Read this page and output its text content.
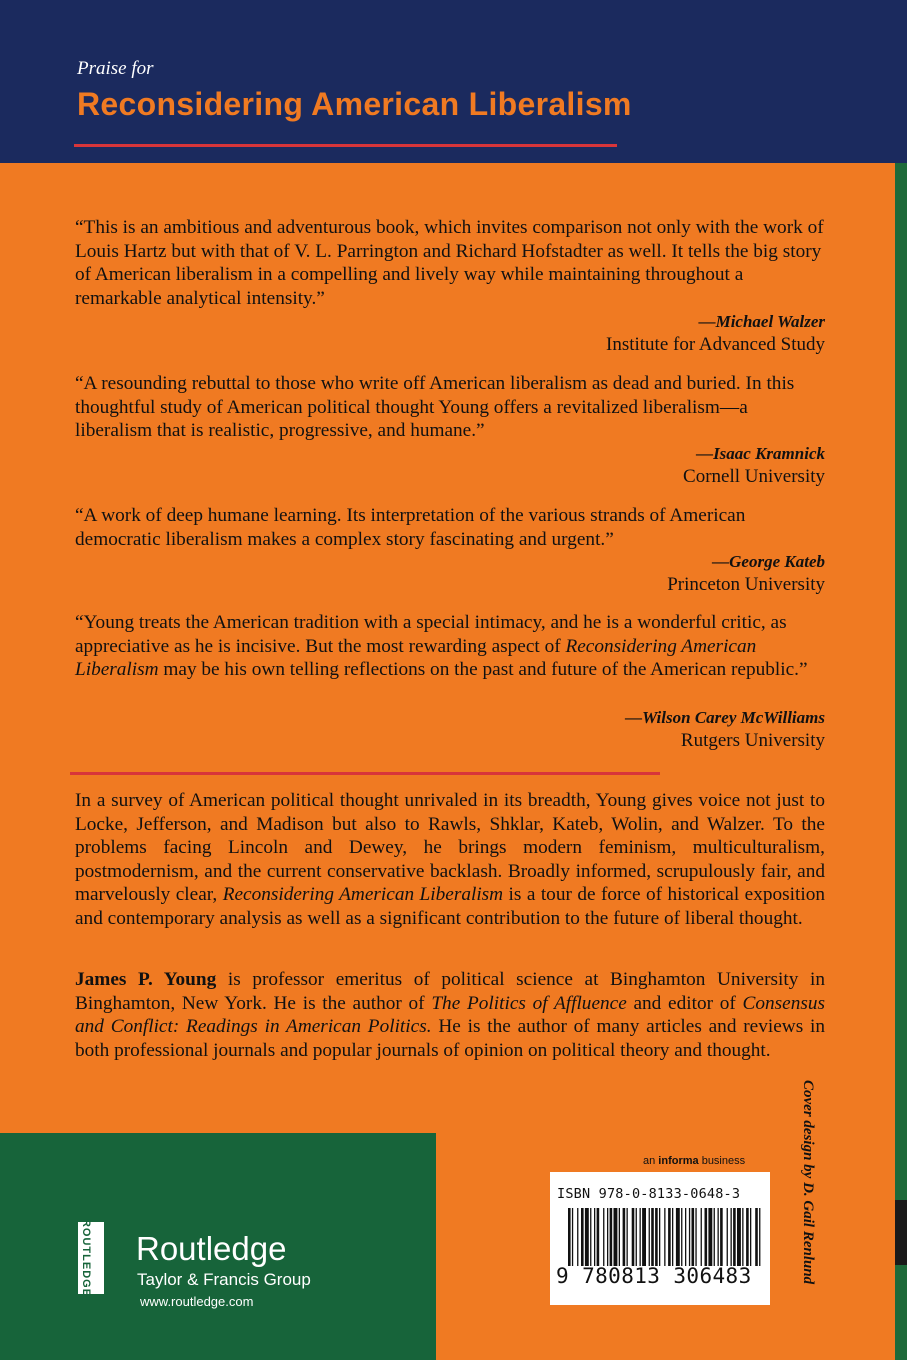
Praise for
Reconsidering American Liberalism
“This is an ambitious and adventurous book, which invites comparison not only with the work of Louis Hartz but with that of V. L. Parrington and Richard Hofstadter as well. It tells the big story of American liberalism in a compelling and lively way while maintaining throughout a remarkable analytical intensity.”
—Michael Walzer
Institute for Advanced Study
“A resounding rebuttal to those who write off American liberalism as dead and buried. In this thoughtful study of American political thought Young offers a revitalized liberalism—a liberalism that is realistic, progressive, and humane.”
—Isaac Kramnick
Cornell University
“A work of deep humane learning. Its interpretation of the various strands of American democratic liberalism makes a complex story fascinating and urgent.”
—George Kateb
Princeton University
“Young treats the American tradition with a special intimacy, and he is a wonderful critic, as appreciative as he is incisive. But the most rewarding aspect of Reconsidering American Liberalism may be his own telling reflections on the past and future of the American republic.”
—Wilson Carey McWilliams
Rutgers University
In a survey of American political thought unrivaled in its breadth, Young gives voice not just to Locke, Jefferson, and Madison but also to Rawls, Shklar, Kateb, Wolin, and Walzer. To the problems facing Lincoln and Dewey, he brings modern feminism, multiculturalism, postmodernism, and the current conservative backlash. Broadly informed, scrupulously fair, and marvelously clear, Reconsidering American Liberalism is a tour de force of historical exposition and contemporary analysis as well as a significant contribution to the future of liberal thought.
James P. Young is professor emeritus of political science at Binghamton University in Binghamton, New York. He is the author of The Politics of Affluence and editor of Consensus and Conflict: Readings in American Politics. He is the author of many articles and reviews in both professional journals and popular journals of opinion on political theory and thought.
ROUTLEDGE Routledge
Taylor & Francis Group
www.routledge.com
an informa business
ISBN 978-0-8133-0648-3
9 780813 306483	Cover design by D. Gail Renlund
